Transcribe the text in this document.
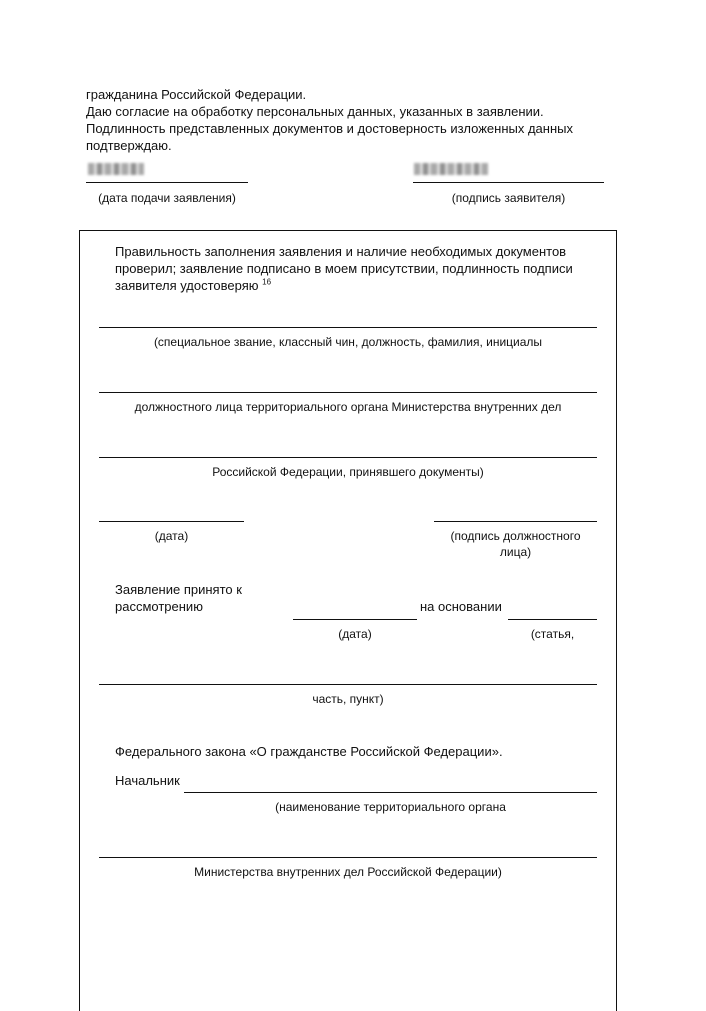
гражданина Российской Федерации.
Даю согласие на обработку персональных данных, указанных в заявлении.
Подлинность представленных документов и достоверность изложенных данных
подтверждаю.
(дата подачи заявления)	(подпись заявителя)
Правильность заполнения заявления и наличие необходимых документов
проверил; заявление подписано в моем присутствии, подлинность подписи
заявителя удостоверяю $^{16}$
(специальное звание, классный чин, должность, фамилия, инициалы
должностного лица территориального органа Министерства внутренних дел
Российской Федерации, принявшего документы)
(дата)	(подпись должностного
лица)
Заявление принято к
рассмотрению
(дата)
на основании
(статья,
часть, пункт)
Федерального закона «О гражданстве Российской Федерации».
Начальник
(наименование территориального органа
Министерства внутренних дел Российской Федерации)
